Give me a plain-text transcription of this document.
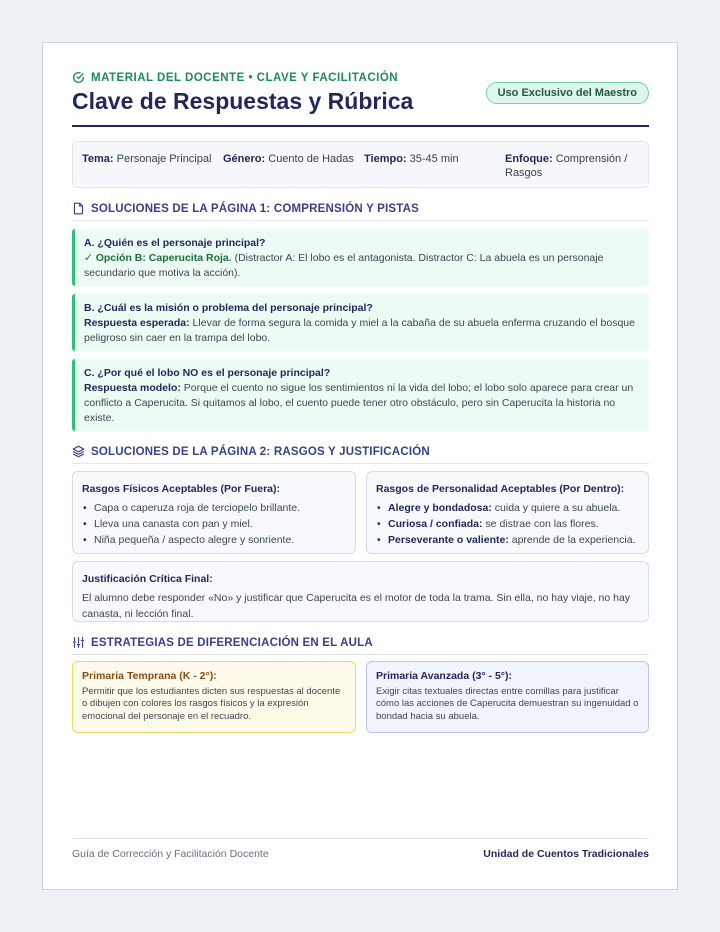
MATERIAL DEL DOCENTE • CLAVE Y FACILITACIÓN
Clave de Respuestas y Rúbrica	Uso Exclusivo del Maestro
Tema: Personaje Principal Género: Cuento de Hadas Tiempo: 35-45 min	Enfoque: Comprensión /
Rasgos
SOLUCIONES DE LA PÁGINA 1: COMPRENSIÓN Y PISTAS
A. ¿Quién es el personaje principal?
✓ Opción B: Caperucita Roja. (Distractor A: El lobo es el antagonista. Distractor C: La abuela es un personaje secundario que motiva la acción).
B. ¿Cuál es la misión o problema del personaje principal?
Respuesta esperada: Llevar de forma segura la comida y miel a la cabaña de su abuela enferma cruzando el bosque peligroso sin caer en la trampa del lobo.
C. ¿Por qué el lobo NO es el personaje principal?
Respuesta modelo: Porque el cuento no sigue los sentimientos ni la vida del lobo; el lobo solo aparece para crear un conflicto a Caperucita. Si quitamos al lobo, el cuento puede tener otro obstáculo, pero sin Caperucita la historia no existe.
SOLUCIONES DE LA PÁGINA 2: RASGOS Y JUSTIFICACIÓN
Rasgos Físicos Aceptables (Por Fuera):
• Capa o caperuza roja de terciopelo brillante.
• Lleva una canasta con pan y miel.
• Niña pequeña / aspecto alegre y sonriente.
Rasgos de Personalidad Aceptables (Por Dentro):
• Alegre y bondadosa: cuida y quiere a su abuela.
• Curiosa / confiada: se distrae con las flores.
• Perseverante o valiente: aprende de la experiencia.
Justificación Crítica Final:
El alumno debe responder «No» y justificar que Caperucita es el motor de toda la trama. Sin ella, no hay viaje, no hay canasta, ni lección final.
ESTRATEGIAS DE DIFERENCIACIÓN EN EL AULA
Primaria Temprana (K - 2°):
Permitir que los estudiantes dicten sus respuestas al docente o dibujen con colores los rasgos físicos y la expresión emocional del personaje en el recuadro.
Primaria Avanzada (3° - 5°):
Exigir citas textuales directas entre comillas para justificar cómo las acciones de Caperucita demuestran su ingenuidad o bondad hacia su abuela.
Guía de Corrección y Facilitación Docente	Unidad de Cuentos Tradicionales
